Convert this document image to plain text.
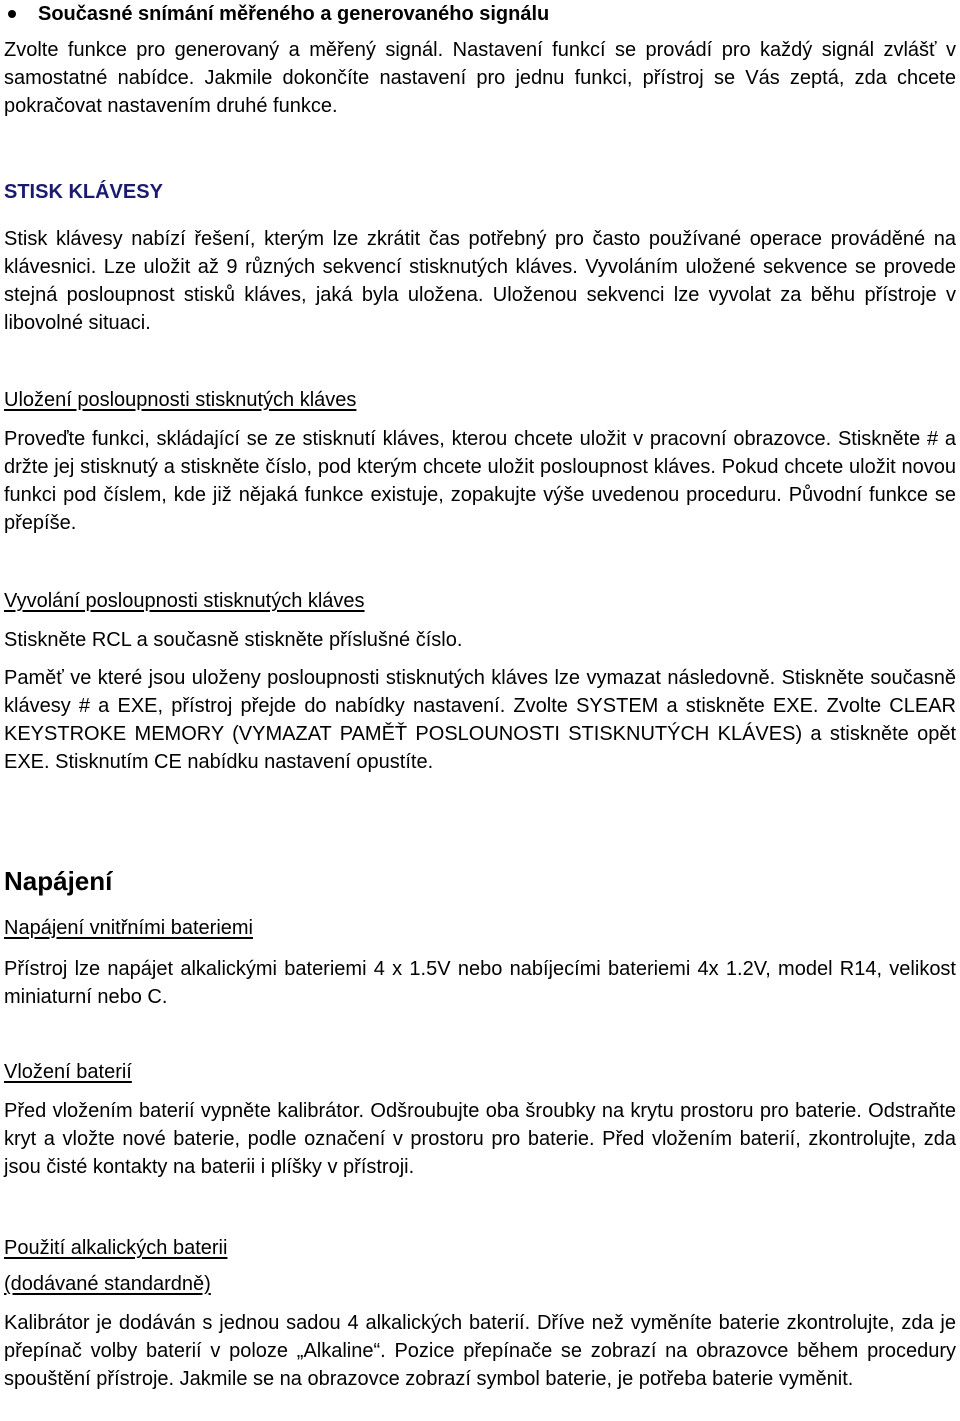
Současné snímání měřeného a generovaného signálu

Zvolte funkce pro generovaný a měřený signál. Nastavení funkcí se provádí pro každý signál zvlášť v samostatné nabídce. Jakmile dokončíte nastavení pro jednu funkci, přístroj se Vás zeptá, zda chcete pokračovat nastavením druhé funkce.

STISK KLÁVESY

Stisk klávesy nabízí řešení, kterým lze zkrátit čas potřebný pro často používané operace prováděné na klávesnici. Lze uložit až 9 různých sekvencí stisknutých kláves. Vyvoláním uložené sekvence se provede stejná posloupnost stisků kláves, jaká byla uložena. Uloženou sekvenci lze vyvolat za běhu přístroje v libovolné situaci.

Uložení posloupnosti stisknutých kláves

Proveďte funkci, skládající se ze stisknutí kláves, kterou chcete uložit v pracovní obrazovce. Stiskněte # a držte jej stisknutý a stiskněte číslo, pod kterým chcete uložit posloupnost kláves. Pokud chcete uložit novou funkci pod číslem, kde již nějaká funkce existuje, zopakujte výše uvedenou proceduru. Původní funkce se přepíše.

Vyvolání posloupnosti stisknutých kláves

Stiskněte RCL a současně stiskněte příslušné číslo.

Paměť ve které jsou uloženy posloupnosti stisknutých kláves lze vymazat následovně. Stiskněte současně klávesy # a EXE, přístroj přejde do nabídky nastavení. Zvolte SYSTEM a stiskněte EXE. Zvolte CLEAR KEYSTROKE MEMORY (VYMAZAT PAMĚŤ POSLOUNOSTI STISKNUTÝCH KLÁVES) a stiskněte opět EXE. Stisknutím CE nabídku nastavení opustíte.

Napájení

Napájení vnitřními bateriemi

Přístroj lze napájet alkalickými bateriemi 4 x 1.5V nebo nabíjecími bateriemi 4x 1.2V, model R14, velikost miniaturní nebo C.

Vložení baterií

Před vložením baterií vypněte kalibrátor. Odšroubujte oba šroubky na krytu prostoru pro baterie. Odstraňte kryt a vložte nové baterie, podle označení v prostoru pro baterie. Před vložením baterií, zkontrolujte, zda jsou čisté kontakty na baterii i plíšky v přístroji.

Použití alkalických baterii

(dodávané standardně)

Kalibrátor je dodáván s jednou sadou 4 alkalických baterií. Dříve než vyměníte baterie zkontrolujte, zda je přepínač volby baterií v poloze „Alkaline“. Pozice přepínače se zobrazí na obrazovce během procedury spouštění přístroje. Jakmile se na obrazovce zobrazí symbol baterie, je potřeba baterie vyměnit.
